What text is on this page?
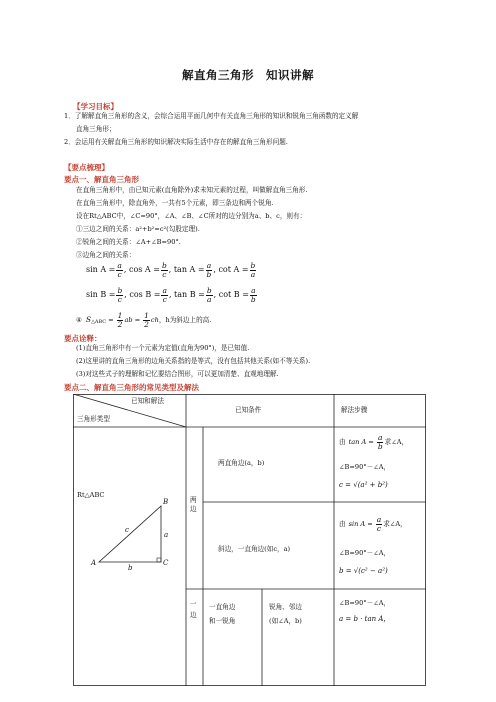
解直角三角形　知识讲解
【学习目标】
1．了解解直角三角形的含义，会综合运用平面几何中有关直角三角形的知识和锐角三角函数的定义解
直角三角形；
2．会运用有关解直角三角形的知识解决实际生活中存在的解直角三角形问题.
【要点梳理】
要点一、解直角三角形
在直角三角形中，由已知元素(直角除外)求未知元素的过程，叫做解直角三角形.
在直角三角形中，除直角外，一共有5个元素，即三条边和两个锐角.
设在Rt△ABC中，∠C=90°，∠A、∠B、∠C所对的边分别为a、b、c，则有：
①三边之间的关系：a²+b²=c²(勾股定理).
②锐角之间的关系：∠A+∠B=90°.
③边角之间的关系：
$\sin A = \frac{a}{c}$ , $\cos A = \frac{b}{c}$ , $\tan A = \frac{a}{b}$ , $\cot A = \frac{b}{a}$
$\sin B = \frac{b}{c}$ , $\cos B = \frac{a}{c}$ , $\tan B = \frac{b}{a}$ , $\cot B = \frac{a}{b}$
④ S △ABC = $\frac{1}{2}$ ab = $\frac{1}{2}$ ch ，h为斜边上的高.
要点诠释：
(1)直角三角形中有一个元素为定值(直角为90°)，是已知值.
(2)这里讲的直角三角形的边角关系指的是等式，没有包括其他关系(如不等关系).
(3)对这些式子的理解和记忆要结合图形，可以更加清楚、直观地理解.
要点二、解直角三角形的常见类型及解法
已知和解法
三角形类型
已知条件	解法步骤
Rt△ABC
B
c
a
A
b
C
两边
两直角边(a，b)
斜边，一直角边(如c，a)
由 $\tan A = \frac{a}{b}$ 求∠A，
∠B=90°－∠A，
c = √(a² + b²)
由 $\sin A = \frac{a}{c}$ 求∠A，
∠B=90°－∠A，
b = √(c² − a²)
一边
一直角边
和一锐角
锐角、邻边
(如∠A，b)
∠B=90°－∠A，
a = b · tan A，
